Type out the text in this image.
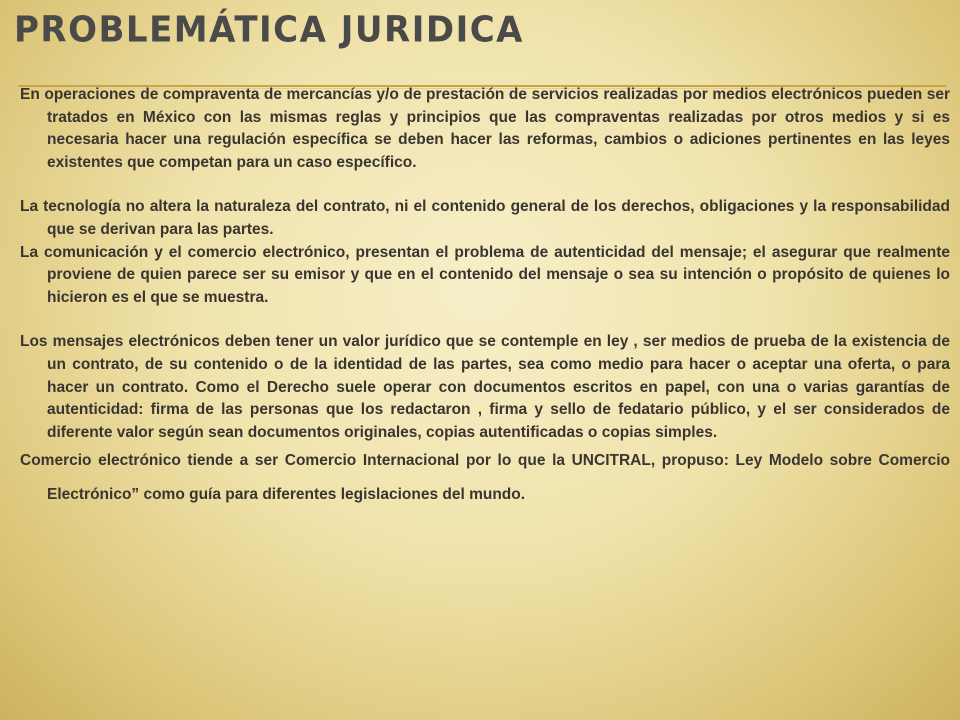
PROBLEMÁTICA JURIDICA

En operaciones de compraventa de mercancías y/o de prestación de servicios realizadas por medios electrónicos pueden ser tratados en México con las mismas reglas y principios que las compraventas realizadas por otros medios y si es necesaria hacer una regulación específica se deben hacer las reformas, cambios o adiciones pertinentes en las leyes existentes que competan para un caso específico.

La tecnología no altera la naturaleza del contrato, ni el contenido general de los derechos, obligaciones y la responsabilidad que se derivan para las partes.

La comunicación y el comercio electrónico, presentan el problema de autenticidad del mensaje; el asegurar que realmente proviene de quien parece ser su emisor y que en el contenido del mensaje o sea su intención o propósito de quienes lo hicieron es el que se muestra.

Los mensajes electrónicos deben tener un valor jurídico que se contemple en ley , ser medios de prueba de la existencia de un contrato, de su contenido o de la identidad de las partes, sea como medio para hacer o aceptar una oferta, o para hacer un contrato. Como el Derecho suele operar con documentos escritos en papel, con una o varias garantías de autenticidad: firma de las personas que los redactaron , firma y sello de fedatario público, y el ser considerados de diferente valor según sean documentos originales, copias autentificadas o copias simples.

Comercio electrónico tiende a ser Comercio Internacional por lo que la UNCITRAL, propuso: Ley Modelo sobre Comercio Electrónico” como guía para diferentes legislaciones del mundo.
